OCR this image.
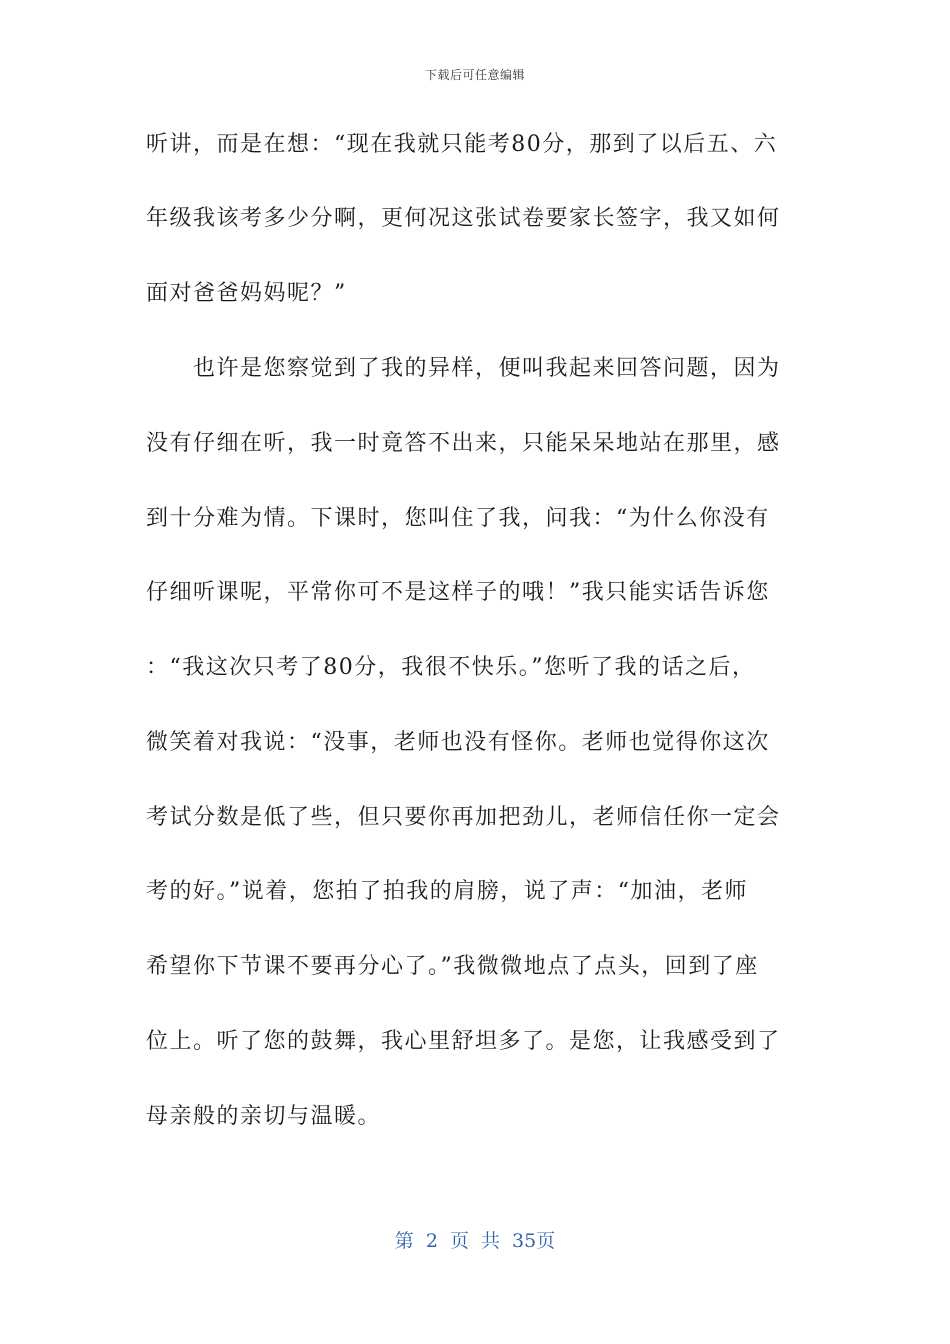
下载后可任意编辑
听讲，而是在想：“现在我就只能考80分，那到了以后五、六
年级我该考多少分啊，更何况这张试卷要家长签字，我又如何
面对爸爸妈妈呢？”
　　也许是您察觉到了我的异样，便叫我起来回答问题，因为
没有仔细在听，我一时竟答不出来，只能呆呆地站在那里，感
到十分难为情。下课时，您叫住了我，问我：“为什么你没有
仔细听课呢，平常你可不是这样子的哦！”我只能实话告诉您
：“我这次只考了80分，我很不快乐。”您听了我的话之后，
微笑着对我说：“没事，老师也没有怪你。老师也觉得你这次
考试分数是低了些，但只要你再加把劲儿，老师信任你一定会
考的好。”说着，您拍了拍我的肩膀，说了声：“加油，老师
希望你下节课不要再分心了。”我微微地点了点头，回到了座
位上。听了您的鼓舞，我心里舒坦多了。是您，让我感受到了
母亲般的亲切与温暖。
第 2 页 共 35页
